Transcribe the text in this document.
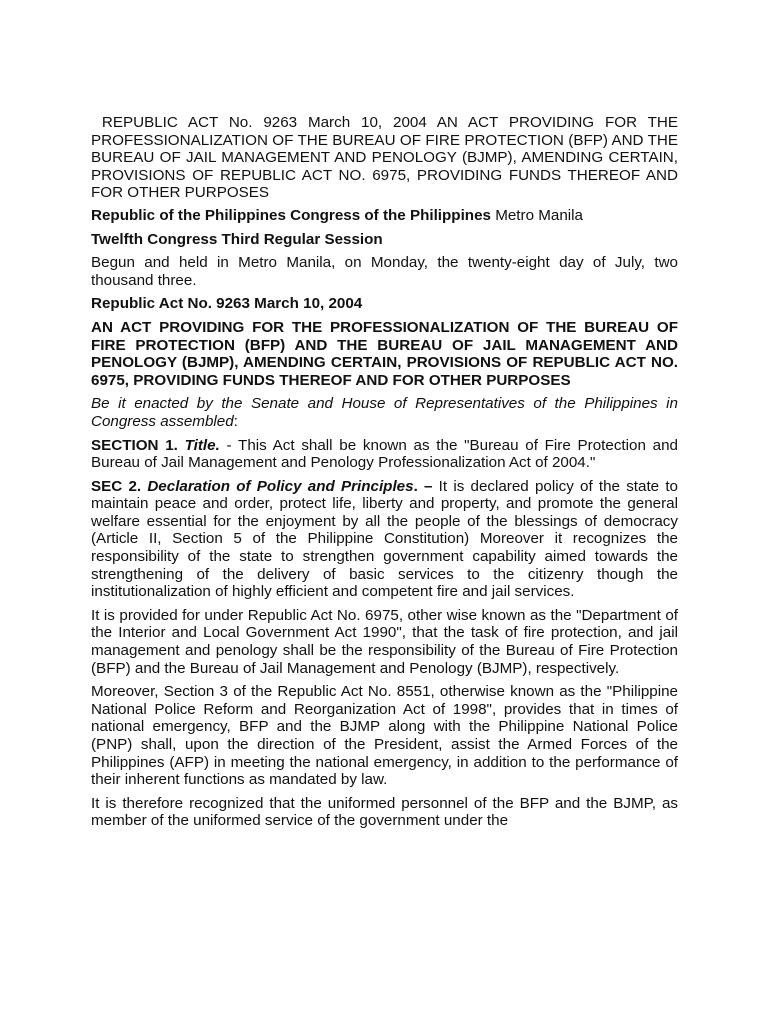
REPUBLIC ACT No. 9263 March 10, 2004 AN ACT PROVIDING FOR THE PROFESSIONALIZATION OF THE BUREAU OF FIRE PROTECTION (BFP) AND THE BUREAU OF JAIL MANAGEMENT AND PENOLOGY (BJMP), AMENDING CERTAIN, PROVISIONS OF REPUBLIC ACT NO. 6975, PROVIDING FUNDS THEREOF AND FOR OTHER PURPOSES

Republic of the Philippines Congress of the Philippines Metro Manila

Twelfth Congress Third Regular Session

Begun and held in Metro Manila, on Monday, the twenty-eight day of July, two thousand three.

Republic Act No. 9263 March 10, 2004

AN ACT PROVIDING FOR THE PROFESSIONALIZATION OF THE BUREAU OF FIRE PROTECTION (BFP) AND THE BUREAU OF JAIL MANAGEMENT AND PENOLOGY (BJMP), AMENDING CERTAIN, PROVISIONS OF REPUBLIC ACT NO. 6975, PROVIDING FUNDS THEREOF AND FOR OTHER PURPOSES

Be it enacted by the Senate and House of Representatives of the Philippines in Congress assembled:

SECTION 1. Title. - This Act shall be known as the "Bureau of Fire Protection and Bureau of Jail Management and Penology Professionalization Act of 2004."

SEC 2. Declaration of Policy and Principles. – It is declared policy of the state to maintain peace and order, protect life, liberty and property, and promote the general welfare essential for the enjoyment by all the people of the blessings of democracy (Article II, Section 5 of the Philippine Constitution) Moreover it recognizes the responsibility of the state to strengthen government capability aimed towards the strengthening of the delivery of basic services to the citizenry though the institutionalization of highly efficient and competent fire and jail services.

It is provided for under Republic Act No. 6975, other wise known as the "Department of the Interior and Local Government Act 1990", that the task of fire protection, and jail management and penology shall be the responsibility of the Bureau of Fire Protection (BFP) and the Bureau of Jail Management and Penology (BJMP), respectively.

Moreover, Section 3 of the Republic Act No. 8551, otherwise known as the "Philippine National Police Reform and Reorganization Act of 1998", provides that in times of national emergency, BFP and the BJMP along with the Philippine National Police (PNP) shall, upon the direction of the President, assist the Armed Forces of the Philippines (AFP) in meeting the national emergency, in addition to the performance of their inherent functions as mandated by law.

It is therefore recognized that the uniformed personnel of the BFP and the BJMP, as member of the uniformed service of the government under the
